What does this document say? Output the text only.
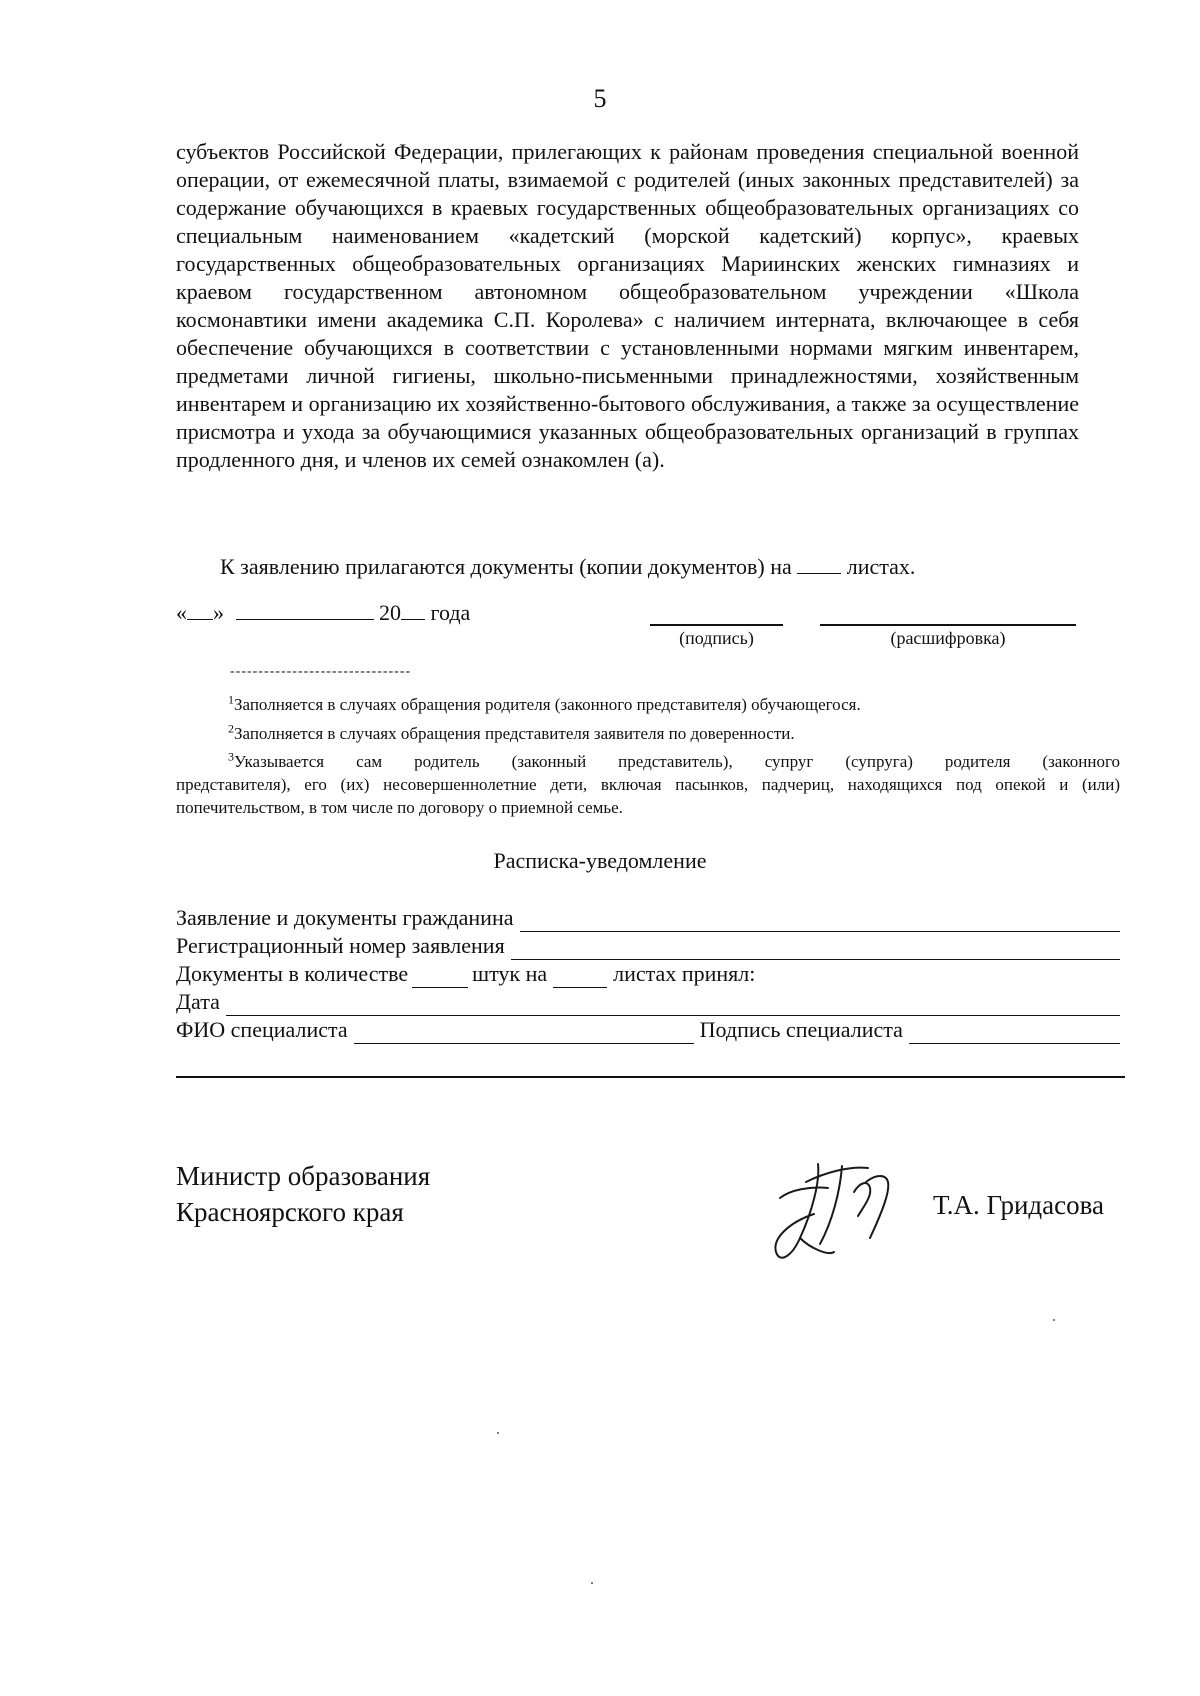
5

субъектов Российской Федерации, прилегающих к районам проведения специальной военной операции, от ежемесячной платы, взимаемой с родителей (иных законных представителей) за содержание обучающихся в краевых государственных общеобразовательных организациях со специальным наименованием «кадетский (морской кадетский) корпус», краевых государственных общеобразовательных организациях Мариинских женских гимназиях и краевом государственном автономном общеобразовательном учреждении «Школа космонавтики имени академика С.П. Королева» с наличием интерната, включающее в себя обеспечение обучающихся в соответствии с установленными нормами мягким инвентарем, предметами личной гигиены, школьно-письменными принадлежностями, хозяйственным инвентарем и организацию их хозяйственно-бытового обслуживания, а также за осуществление присмотра и ухода за обучающимися указанных общеобразовательных организаций в группах продленного дня, и членов их семей ознакомлен (а).

К заявлению прилагаются документы (копии документов) на	листах.
« »	20 года
(подпись)	(расшифровка)
--------------------------------

$^1$Заполняется в случаях обращения родителя (законного представителя) обучающегося.

$^2$Заполняется в случаях обращения представителя заявителя по доверенности.

$^3$Указывается сам родитель (законный представитель), супруг (супруга) родителя (законного
представителя), его (их) несовершеннолетние дети, включая пасынков, падчериц, находящихся под опекой и (или) попечительством, в том числе по договору о приемной семье.
Расписка-уведомление
Заявление и документы гражданина
Регистрационный номер заявления
Документы в количестве	штук на	листах принял:
Дата
ФИО специалиста	Подпись специалиста
Министр образования
Красноярского края	Т.А. Гридасова
